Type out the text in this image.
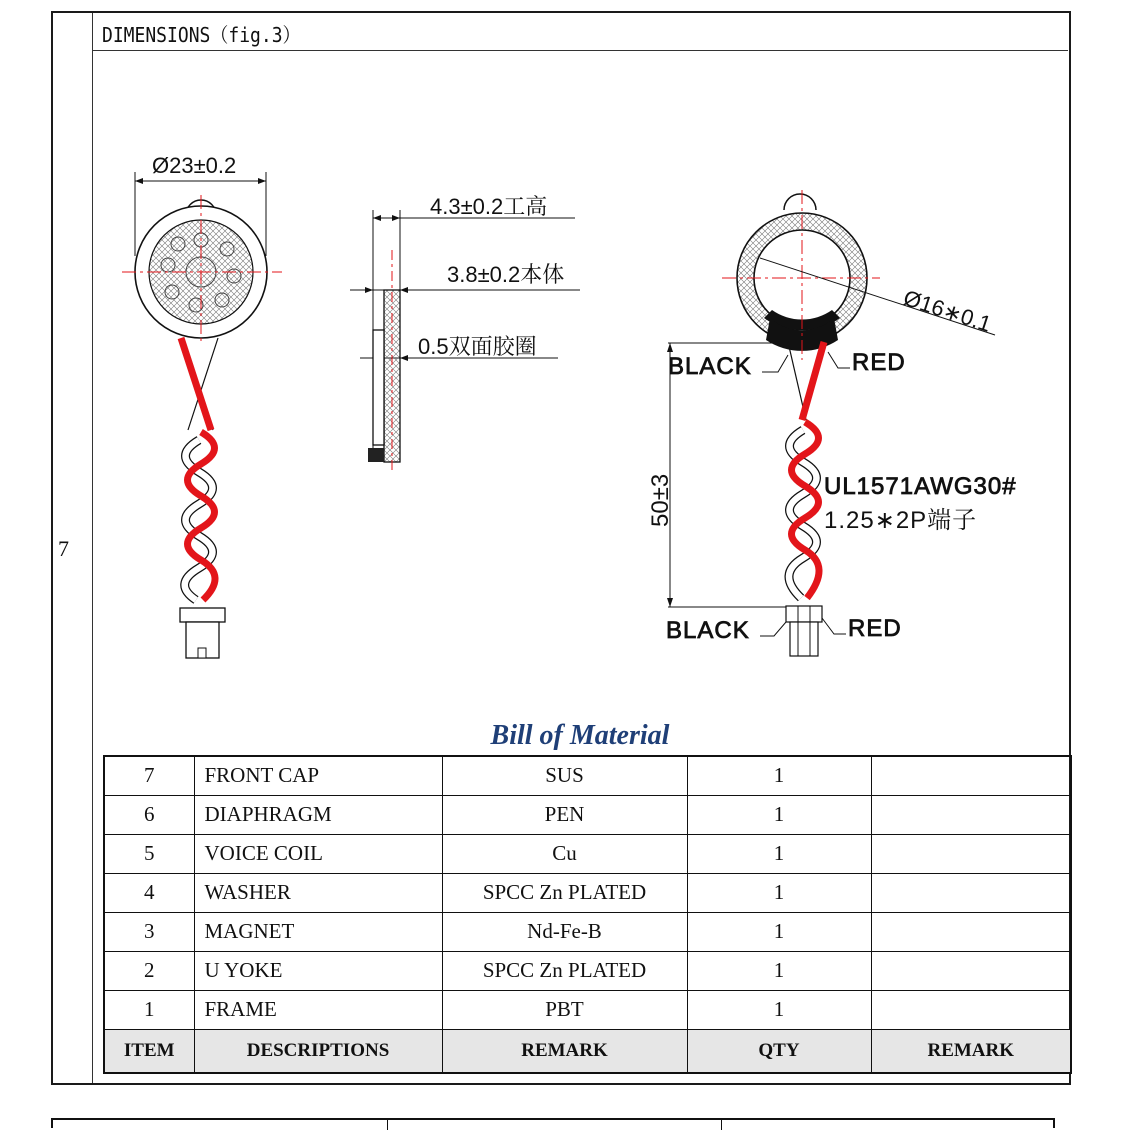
7
DIMENSIONS（fig.3）
Ø23±0.2
4.3±0.2工高
3.8±0.2本体
0.5双面胶圈
Ø16∗0.1
50±3
BLACK	RED
UL1571AWG30#
1.25∗2P端子
BLACK	RED
Bill of Material
7	FRONT CAP	SUS	1	
6	DIAPHRAGM	PEN	1	
5	VOICE COIL	Cu	1	
4	WASHER	SPCC Zn PLATED	1	
3	MAGNET	Nd-Fe-B	1	
2	U YOKE	SPCC Zn PLATED	1	
1	FRAME	PBT	1	
ITEM	DESCRIPTIONS	REMARK	QTY	REMARK
